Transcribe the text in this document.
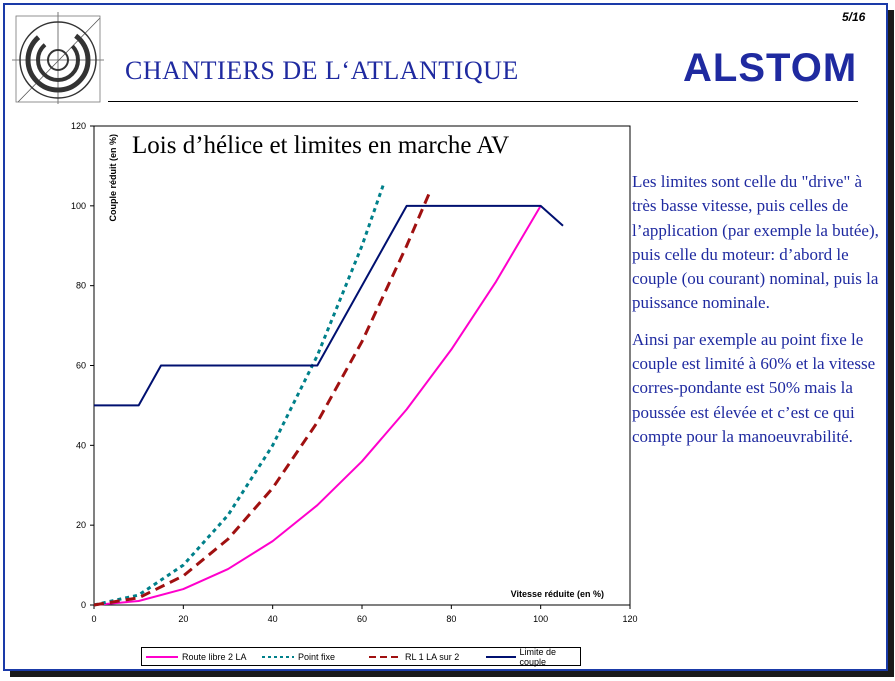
5/16
CHANTIERS DE L‘ATLANTIQUE	ALSTOM
0	20	40	60	80	100	120
0
20
40
60
80
100
120
Vitesse réduite (en %)
Couple réduit (en %) Lois d’hélice et limites en marche AV

Les limites sont celle du "drive" à très basse vitesse, puis celles de l’application (par exemple la butée), puis celle du moteur: d’abord le couple (ou courant) nominal, puis la puissance nominale.

Ainsi par exemple au point fixe le couple est limité à 60% et la vitesse corres-pondante est 50% mais la poussée est élevée et c’est ce qui compte pour la manoeuvrabilité.

Route libre 2 LA	Point fixe	RL 1 LA sur 2	Limite de couple
